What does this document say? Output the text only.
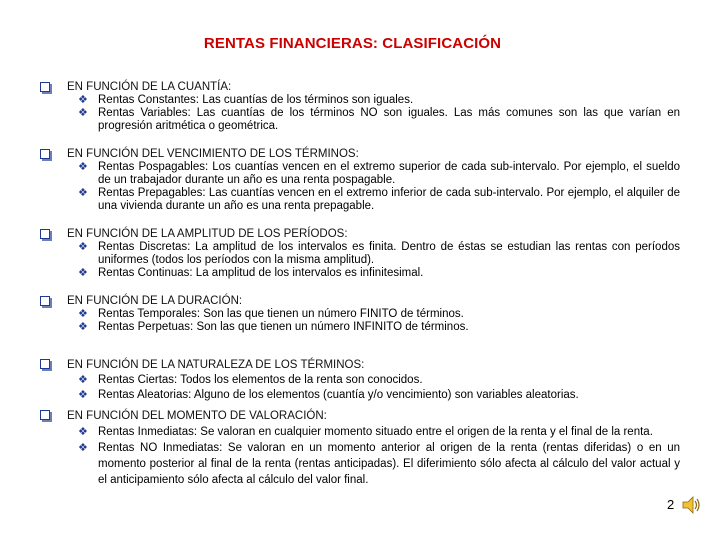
RENTAS FINANCIERAS: CLASIFICACIÓN
EN FUNCIÓN DE LA CUANTÍA:
❖ Rentas Constantes: Las cuantías de los términos son iguales.
❖ Rentas Variables: Las cuantías de los términos NO son iguales. Las más comunes son las que varían en progresión aritmética o geométrica.
EN FUNCIÓN DEL VENCIMIENTO DE LOS TÉRMINOS:
❖ Rentas Pospagables: Los cuantías vencen en el extremo superior de cada sub-intervalo. Por ejemplo, el sueldo de un trabajador durante un año es una renta pospagable.
❖ Rentas Prepagables: Las cuantías vencen en el extremo inferior de cada sub-intervalo. Por ejemplo, el alquiler de una vivienda durante un año es una renta prepagable.
EN FUNCIÓN DE LA AMPLITUD DE LOS PERÍODOS:
❖ Rentas Discretas: La amplitud de los intervalos es finita. Dentro de éstas se estudian las rentas con períodos uniformes (todos los períodos con la misma amplitud).
❖ Rentas Continuas: La amplitud de los intervalos es infinitesimal.
EN FUNCIÓN DE LA DURACIÓN:
❖ Rentas Temporales: Son las que tienen un número FINITO de términos.
❖ Rentas Perpetuas: Son las que tienen un número INFINITO de términos.
EN FUNCIÓN DE LA NATURALEZA DE LOS TÉRMINOS:
❖ Rentas Ciertas: Todos los elementos de la renta son conocidos.
❖ Rentas Aleatorias: Alguno de los elementos (cuantía y/o vencimiento) son variables aleatorias.
EN FUNCIÓN DEL MOMENTO DE VALORACIÓN:
❖ Rentas Inmediatas: Se valoran en cualquier momento situado entre el origen de la renta y el final de la renta.
❖ Rentas NO Inmediatas: Se valoran en un momento anterior al origen de la renta (rentas diferidas) o en un momento posterior al final de la renta (rentas anticipadas). El diferimiento sólo afecta al cálculo del valor actual y el anticipamiento sólo afecta al cálculo del valor final.
2
